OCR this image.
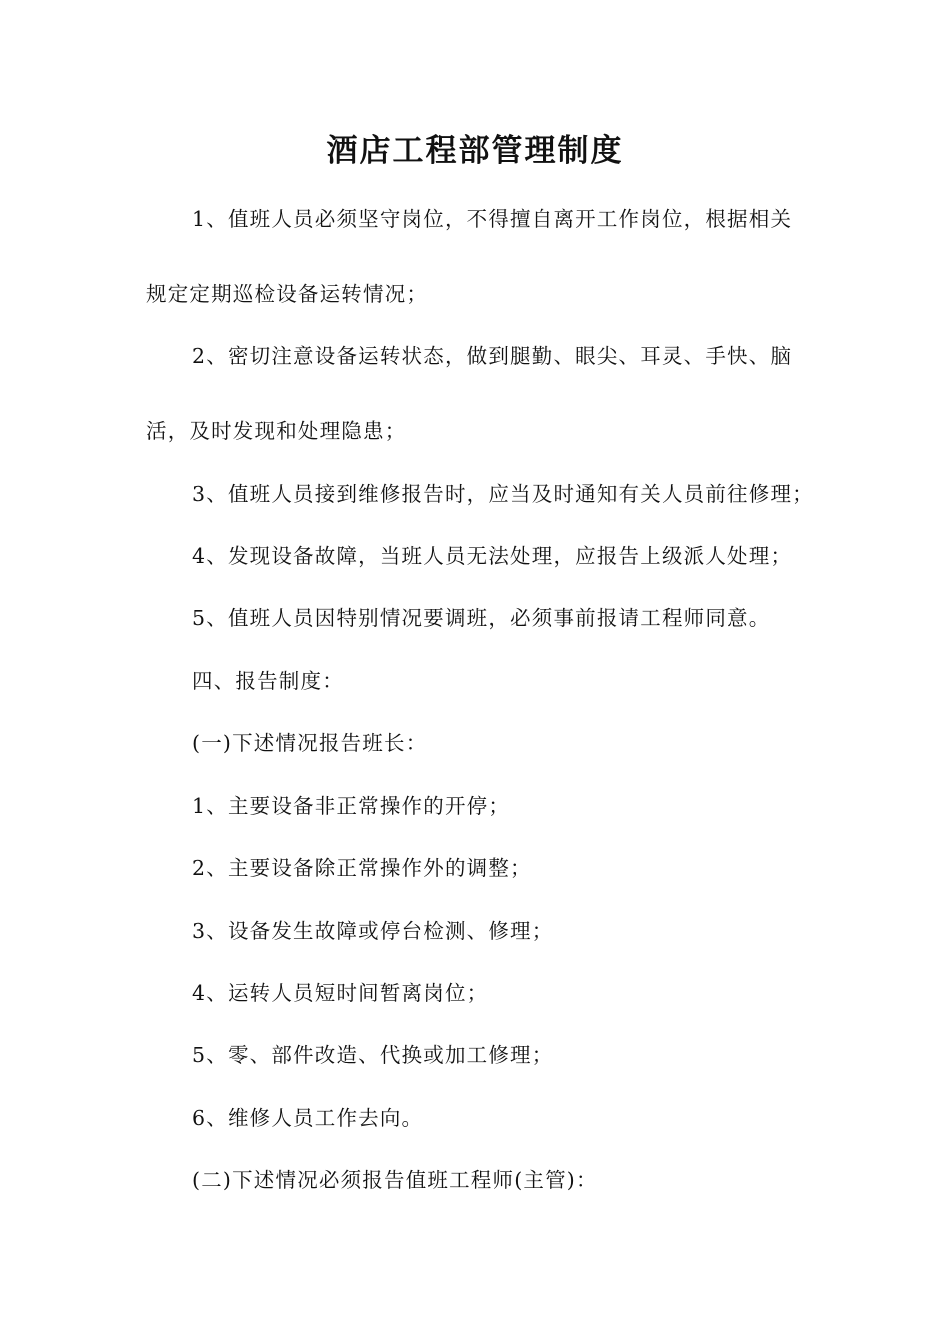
酒店工程部管理制度

1、值班人员必须坚守岗位，不得擅自离开工作岗位，根据相关

规定定期巡检设备运转情况；

2、密切注意设备运转状态，做到腿勤、眼尖、耳灵、手快、脑

活，及时发现和处理隐患；

3、值班人员接到维修报告时，应当及时通知有关人员前往修理；

4、发现设备故障，当班人员无法处理，应报告上级派人处理；

5、值班人员因特别情况要调班，必须事前报请工程师同意。

四、报告制度：

(一)下述情况报告班长：

1、主要设备非正常操作的开停；

2、主要设备除正常操作外的调整；

3、设备发生故障或停台检测、修理；

4、运转人员短时间暂离岗位；

5、零、部件改造、代换或加工修理；

6、维修人员工作去向。

(二)下述情况必须报告值班工程师(主管)：
